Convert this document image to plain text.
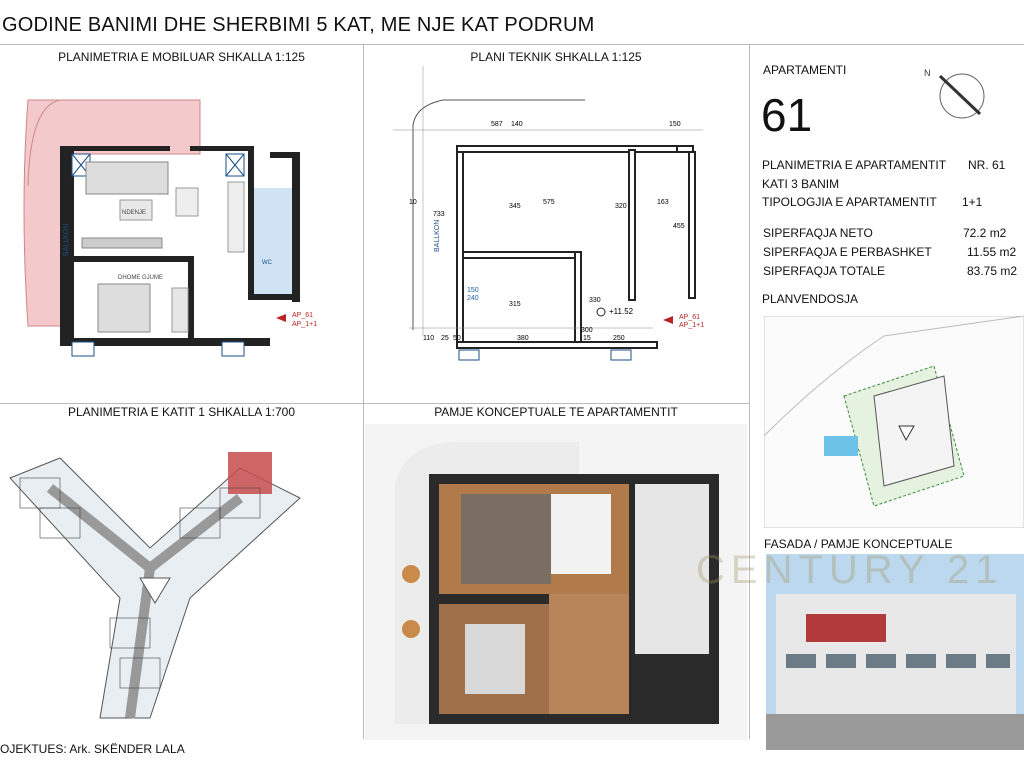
GODINE BANIMI DHE SHERBIMI 5 KAT, ME NJE KAT PODRUM
PLANIMETRIA E MOBILUAR SHKALLA 1:125	PLANI TEKNIK SHKALLA 1:125
PLANIMETRIA E KATIT 1 SHKALLA 1:700	PAMJE KONCEPTUALE TE APARTAMENTIT
BALLKON
NDENJE
DHOME GJUME
WC
AP_61
AP_1+1
587 140	150
575	163
345	320
455
733
10
315
380	250
110 25 50	15
330
150
240
300
BALLKON
+11.52
AP_61
AP_1+1
APARTAMENTI
61
N
PLANIMETRIA E APARTAMENTIT NR. 61
KATI 3 BANIM
TIPOLOGJIA E APARTAMENTIT 1+1
SIPERFAQJA NETO	72.2 m2
SIPERFAQJA E PERBASHKET	11.55 m2
SIPERFAQJA TOTALE	83.75 m2
PLANVENDOSJA
FASADA / PAMJE KONCEPTUALE
CENTURY 21
OJEKTUES: Ark. SKËNDER LALA
